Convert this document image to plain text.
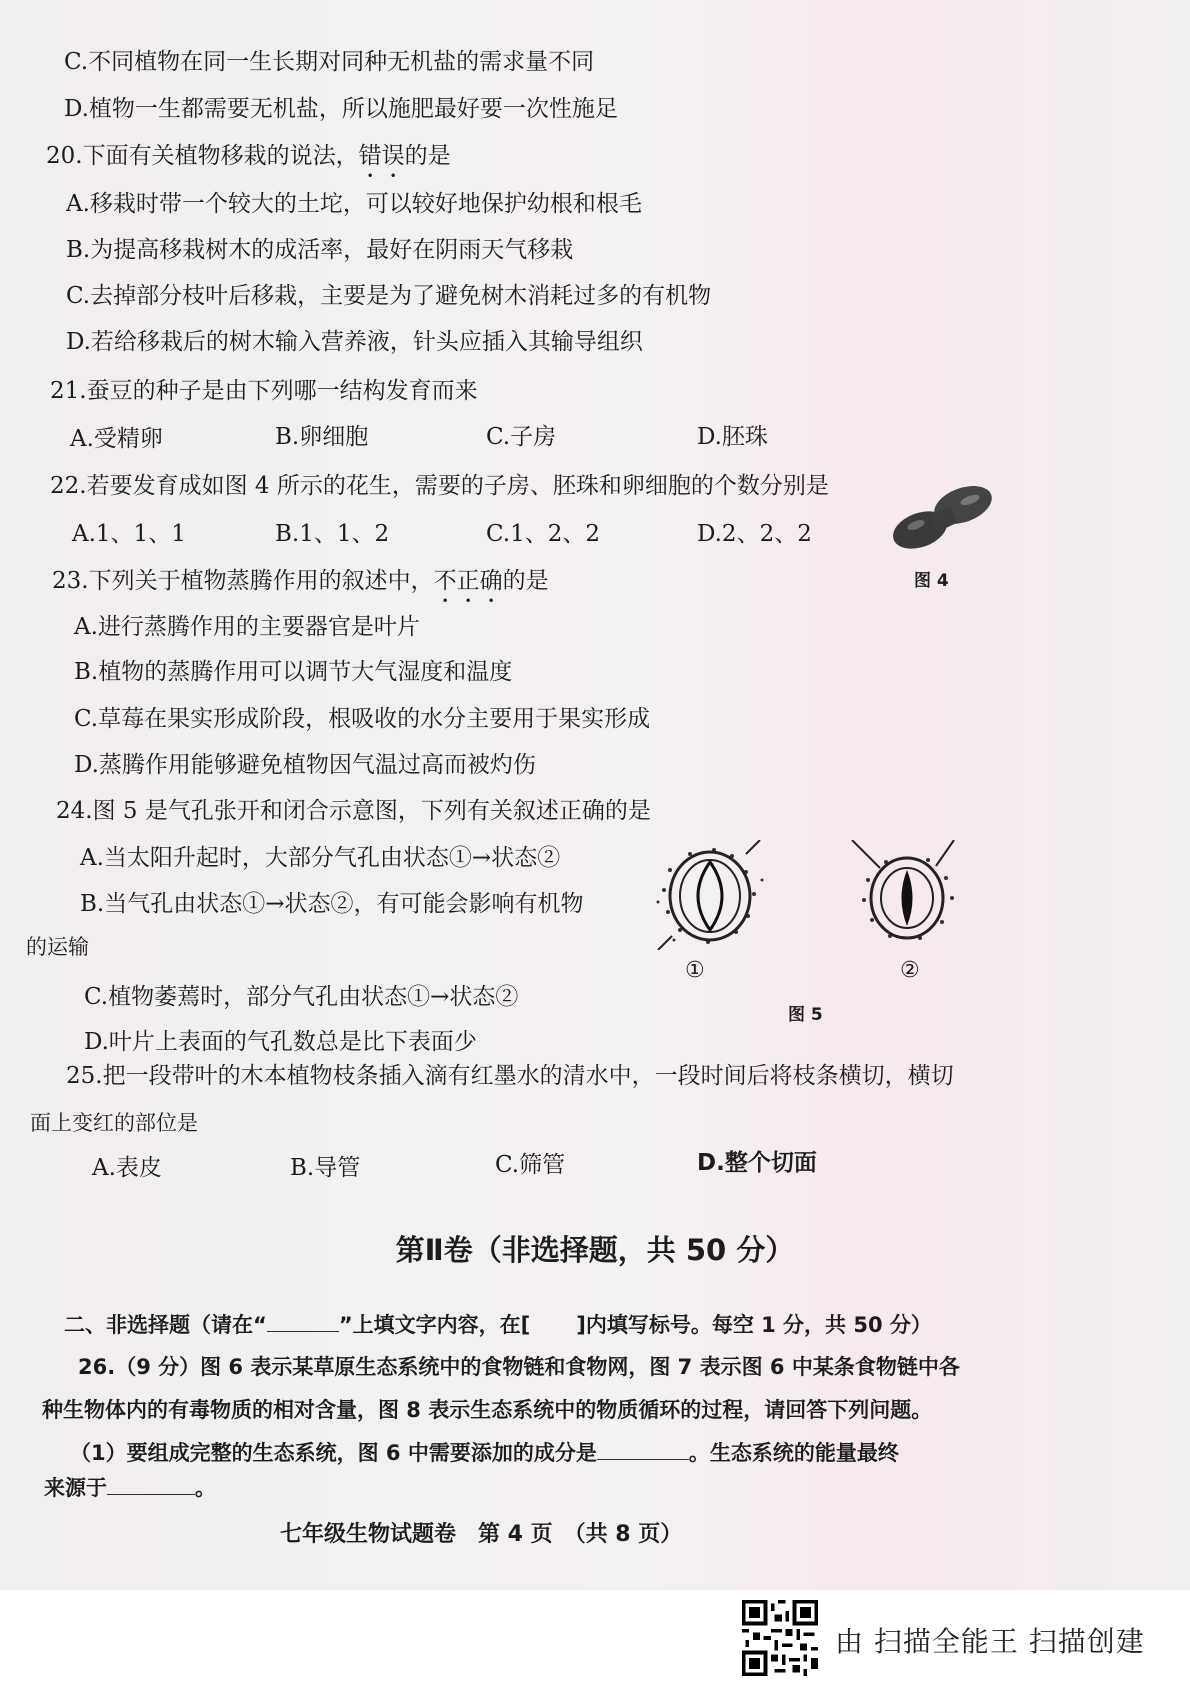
C.不同植物在同一生长期对同种无机盐的需求量不同
D.植物一生都需要无机盐，所以施肥最好要一次性施足
20.下面有关植物移栽的说法，错误的是
A.移栽时带一个较大的土坨，可以较好地保护幼根和根毛
B.为提高移栽树木的成活率，最好在阴雨天气移栽
C.去掉部分枝叶后移栽，主要是为了避免树木消耗过多的有机物
D.若给移栽后的树木输入营养液，针头应插入其输导组织
21.蚕豆的种子是由下列哪一结构发育而来
A.受精卵	B.卵细胞	C.子房	D.胚珠
22.若要发育成如图 4 所示的花生，需要的子房、胚珠和卵细胞的个数分别是
A.1、1、1	B.1、1、2	C.1、2、2	D.2、2、2
图 4
23.下列关于植物蒸腾作用的叙述中，不正确的是
A.进行蒸腾作用的主要器官是叶片
B.植物的蒸腾作用可以调节大气湿度和温度
C.草莓在果实形成阶段，根吸收的水分主要用于果实形成
D.蒸腾作用能够避免植物因气温过高而被灼伤
24.图 5 是气孔张开和闭合示意图，下列有关叙述正确的是
A.当太阳升起时，大部分气孔由状态①→状态②
B.当气孔由状态①→状态②，有可能会影响有机物
的运输
C.植物萎蔫时，部分气孔由状态①→状态②
D.叶片上表面的气孔数总是比下表面少
①	②
图 5
25.把一段带叶的木本植物枝条插入滴有红墨水的清水中，一段时间后将枝条横切，横切
面上变红的部位是
A.表皮	B.导管	C.筛管	D.整个切面
第Ⅱ卷（非选择题，共 50 分）
二、非选择题（请在“	”上填文字内容，在[ ]内填写标号。每空 1 分，共 50 分）
26.（9 分）图 6 表示某草原生态系统中的食物链和食物网，图 7 表示图 6 中某条食物链中各
种生物体内的有毒物质的相对含量，图 8 表示生态系统中的物质循环的过程，请回答下列问题。
（1）要组成完整的生态系统，图 6 中需要添加的成分是	。生态系统的能量最终
来源于	。
七年级生物试题卷　第 4 页　（共 8 页）
由 扫描全能王 扫描创建
